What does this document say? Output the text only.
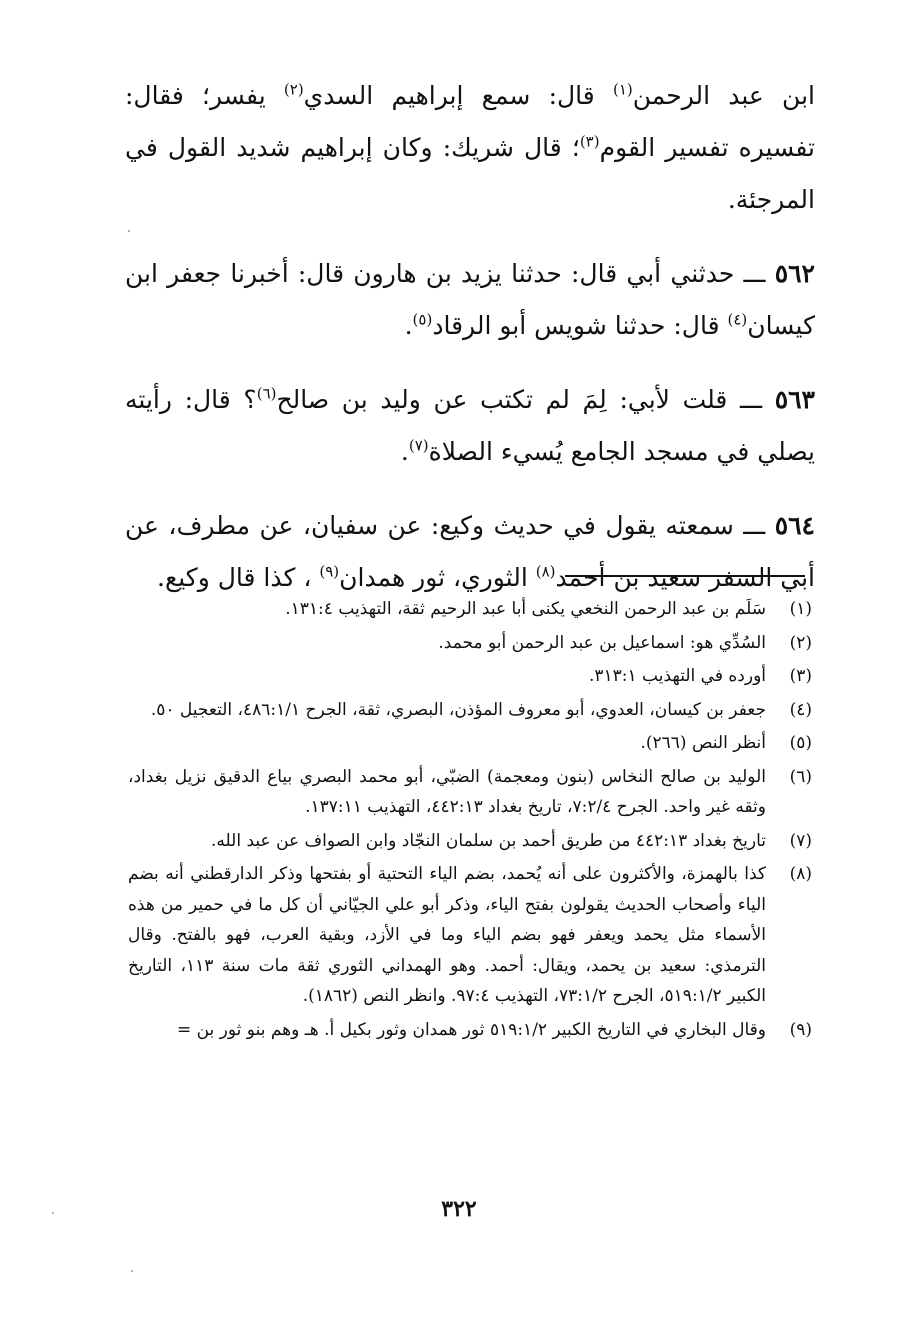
ابن عبد الرحمن$^{(١)}$ قال: سمع إبراهيم السدي$^{(٢)}$ يفسر؛ فقال: تفسيره تفسير القوم$^{(٣)}$؛ قال شريك: وكان إبراهيم شديد القول في المرجئة.

٥٦٢ ـــ حدثني أبي قال: حدثنا يزيد بن هارون قال: أخبرنا جعفر ابن كيسان$^{(٤)}$ قال: حدثنا شويس أبو الرقاد$^{(٥)}$.

٥٦٣ ـــ قلت لأبي: لِمَ لم تكتب عن وليد بن صالح$^{(٦)}$؟ قال: رأيته يصلي في مسجد الجامع يُسيء الصلاة$^{(٧)}$.

٥٦٤ ـــ سمعته يقول في حديث وكيع: عن سفيان، عن مطرف، عن أبي السفر سعيد بن أحمد$^{(٨)}$ الثوري، ثور همدان$^{(٩)}$ ، كذا قال وكيع.

(١)
سَلَم بن عبد الرحمن النخعي يكنى أبا عبد الرحيم ثقة، التهذيب ١٣١:٤.
(٢)
السُدِّي هو: اسماعيل بن عبد الرحمن أبو محمد.
(٣)
أورده في التهذيب ٣١٣:١.
(٤)
جعفر بن كيسان، العدوي، أبو معروف المؤذن، البصري، ثقة، الجرح ٤٨٦:١/١، التعجيل ٥٠.
(٥)
أنظر النص (٢٦٦).
(٦)
الوليد بن صالح النخاس (بنون ومعجمة) الضبّي، أبو محمد البصري بياع الدقيق نزيل بغداد، وثقه غير واحد. الجرح ٧:٢/٤، تاريخ بغداد ٤٤٢:١٣، التهذيب ١٣٧:١١.
(٧)
تاريخ بغداد ٤٤٢:١٣ من طريق أحمد بن سلمان النجّاد وابن الصواف عن عبد الله.
(٨)
كذا بالهمزة، والأكثرون على أنه يُحمد، بضم الياء التحتية أو بفتحها وذكر الدارقطني أنه بضم الياء وأصحاب الحديث يقولون بفتح الياء، وذكر أبو علي الجيّاني أن كل ما في حمير من هذه الأسماء مثل يحمد ويعفر فهو بضم الياء وما في الأزد، وبقية العرب، فهو بالفتح. وقال الترمذي: سعيد بن يحمد، ويقال: أحمد. وهو الهمداني الثوري ثقة مات سنة ١١٣، التاريخ الكبير ٥١٩:١/٢، الجرح ٧٣:١/٢، التهذيب ٩٧:٤. وانظر النص (١٨٦٢).
(٩)
وقال البخاري في التاريخ الكبير ٥١٩:١/٢ ثور همدان وثور بكيل أ. هـ وهم بنو ثور بن =
٣٢٢
